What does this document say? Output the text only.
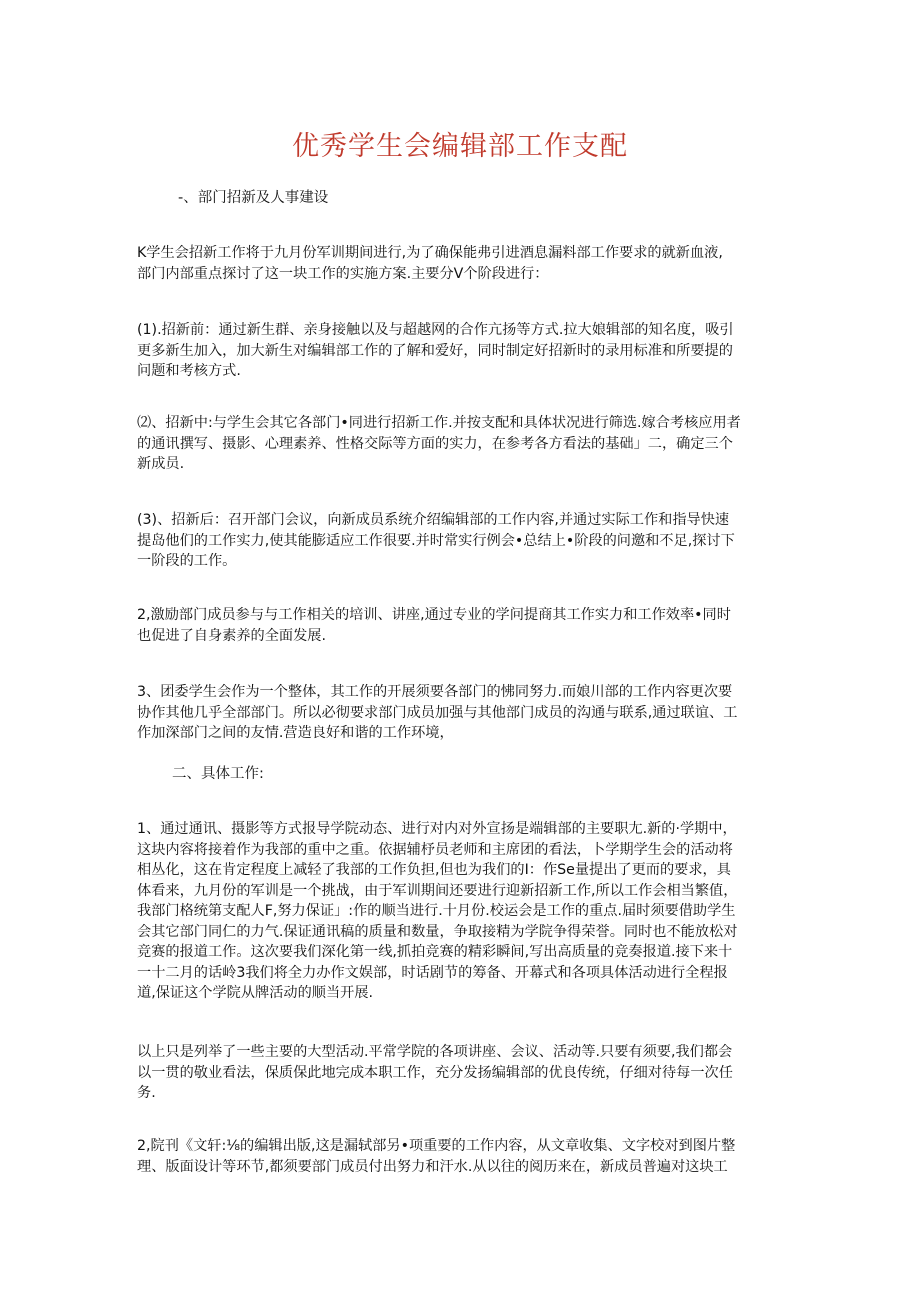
优秀学生会编辑部工作支配
-、部门招新及人事建设

K学生会招新工作将于九月份军训期间进行,为了确保能弗引进酒息漏料部工作要求的就新血液,
部门内部重点探讨了这一块工作的实施方案.主要分V个阶段进行：

(1).招新前：通过新生群、亲身接触以及与超越网的合作亢扬等方式.拉大娘辑部的知名度，吸引
更多新生加入，加大新生对编辑部工作的了解和爱好，同时制定好招新时的录用标准和所要提的
问题和考核方式.

⑵、招新中:与学生会其它各部门•同进行招新工作.并按支配和具体状况进行筛选.嫁合考核应用者
的通讯撰写、摄影、心理素养、性格交际等方面的实力，在参考各方看法的基础」二，确定三个
新成员.

(3)、招新后：召开部门会议，向新成员系统介绍编辑部的工作内容,并通过实际工作和指导快速
提岛他们的工作实力,使其能膨适应工作很要.并时常实行例会•总结上•阶段的问邀和不足,探讨下
一阶段的工作。

2,激励部门成员参与与工作相关的培训、讲座,通过专业的学问提商其工作实力和工作效率•同时
也促进了自身素养的全面发展.

3、团委学生会作为一个整体，其工作的开展须要各部门的怫同努力.而娘川部的工作内容更次要
协作其他几乎全部部门。所以必彻要求部门成员加强与其他部门成员的沟通与联系,通过联谊、工
作加深部门之间的友情.营造良好和谐的工作环境，

二、具体工作:

1、通过通讯、摄影等方式报导学院动态、进行对内对外宣扬是端辑部的主要职尢.新的·学期中，
这块内容将接着作为我部的重中之重。依据辅杼员老师和主席团的看法，卜学期学生会的活动将
相丛化，这在肯定程度上减轻了我部的工作负担,但也为我们的I：作Se量提出了更而的要求，具
体看来，九月份的军训是一个挑战，由于军训期间还要进行迎新招新工作,所以工作会相当繁值，
我部门格统第支配人F,努力保证」:作的顺当进行.十月份.校运会是工作的重点.届时须要借助学生
会其它部门同仁的力气.保证通讯稿的质量和数量，争取接精为学院争得荣誉。同时也不能放松对
竞赛的报道工作。这次要我们深化第一线,抓拍竞赛的精彩瞬间,写出高质量的竞奏报道.接下来十
一十二月的话岭3我们将全力办作文娱部，时话剧节的筹备、开幕式和各项具体活动进行全程报
道,保证这个学院从牌活动的顺当开展.

以上只是列举了一些主要的大型活动.平常学院的各项讲座、会议、活动等.只要有须要,我们都会
以一贯的敬业看法，保质保此地完成本职工作，充分发扬编辑部的优良传统，仔细对待每一次任
务.

2,院刊《文轩:⅛的编辑出版,这是漏轼部另•项重要的工作内容，从文章收集、文字校对到图片整
理、版面设计等环节,都须要部门成员付出努力和汗水.从以往的阅历来在，新成员普遍对这块工
